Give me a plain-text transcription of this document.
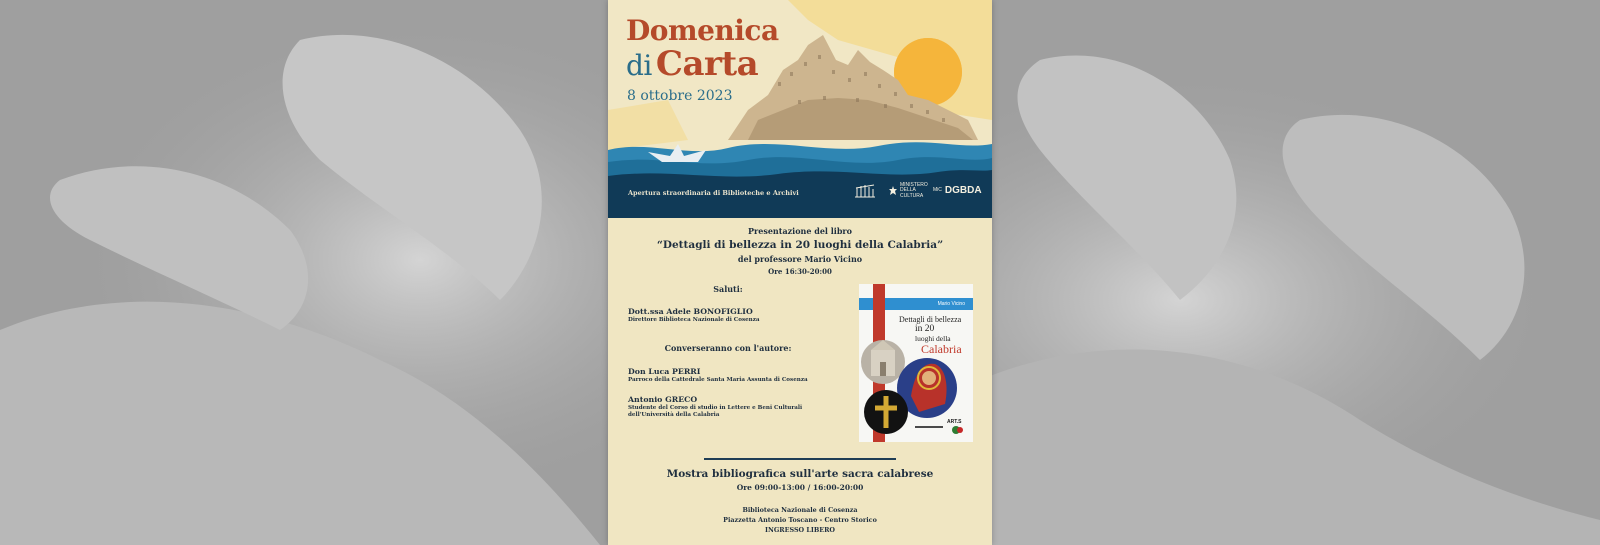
Domenica
di Carta
8 ottobre 2023
Apertura straordinaria di Biblioteche e Archivi
MINISTERO
DELLA
CULTURA
MiC DGBDA
Presentazione del libro
“Dettagli di bellezza in 20 luoghi della Calabria”
del professore Mario Vicino
Ore 16:30-20:00
Saluti:
Dott.ssa Adele BONOFIGLIO
Direttore Biblioteca Nazionale di Cosenza
Converseranno con l'autore:
Don Luca PERRI
Parroco della Cattedrale Santa Maria Assunta di Cosenza
Antonio GRECO
Studente del Corso di studio in Lettere e Beni Culturali
dell'Università della Calabria
Mario Vicino
Dettagli di bellezza
in 20
luoghi della
Calabria
ART.S
Mostra bibliografica sull'arte sacra calabrese
Ore 09:00-13:00 / 16:00-20:00
Biblioteca Nazionale di Cosenza
Piazzetta Antonio Toscano - Centro Storico
INGRESSO LIBERO
